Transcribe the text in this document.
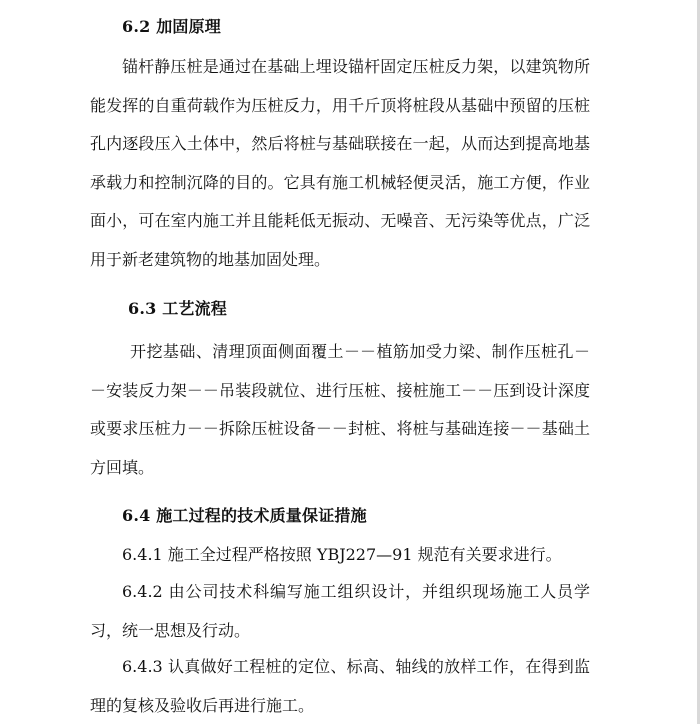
6.2 加固原理

锚杆静压桩是通过在基础上埋设锚杆固定压桩反力架，以建筑物所能发挥的自重荷载作为压桩反力，用千斤顶将桩段从基础中预留的压桩孔内逐段压入土体中，然后将桩与基础联接在一起，从而达到提高地基承载力和控制沉降的目的。它具有施工机械轻便灵活，施工方便，作业面小，可在室内施工并且能耗低无振动、无噪音、无污染等优点，广泛用于新老建筑物的地基加固处理。

6.3 工艺流程

开挖基础、清理顶面侧面覆土－－植筋加受力梁、制作压桩孔－－安装反力架－－吊装段就位、进行压桩、接桩施工－－压到设计深度或要求压桩力－－拆除压桩设备－－封桩、将桩与基础连接－－基础土方回填。

6.4 施工过程的技术质量保证措施

6.4.1 施工全过程严格按照 YBJ227—91 规范有关要求进行。

6.4.2 由公司技术科编写施工组织设计，并组织现场施工人员学习，统一思想及行动。

6.4.3 认真做好工程桩的定位、标高、轴线的放样工作，在得到监理的复核及验收后再进行施工。
